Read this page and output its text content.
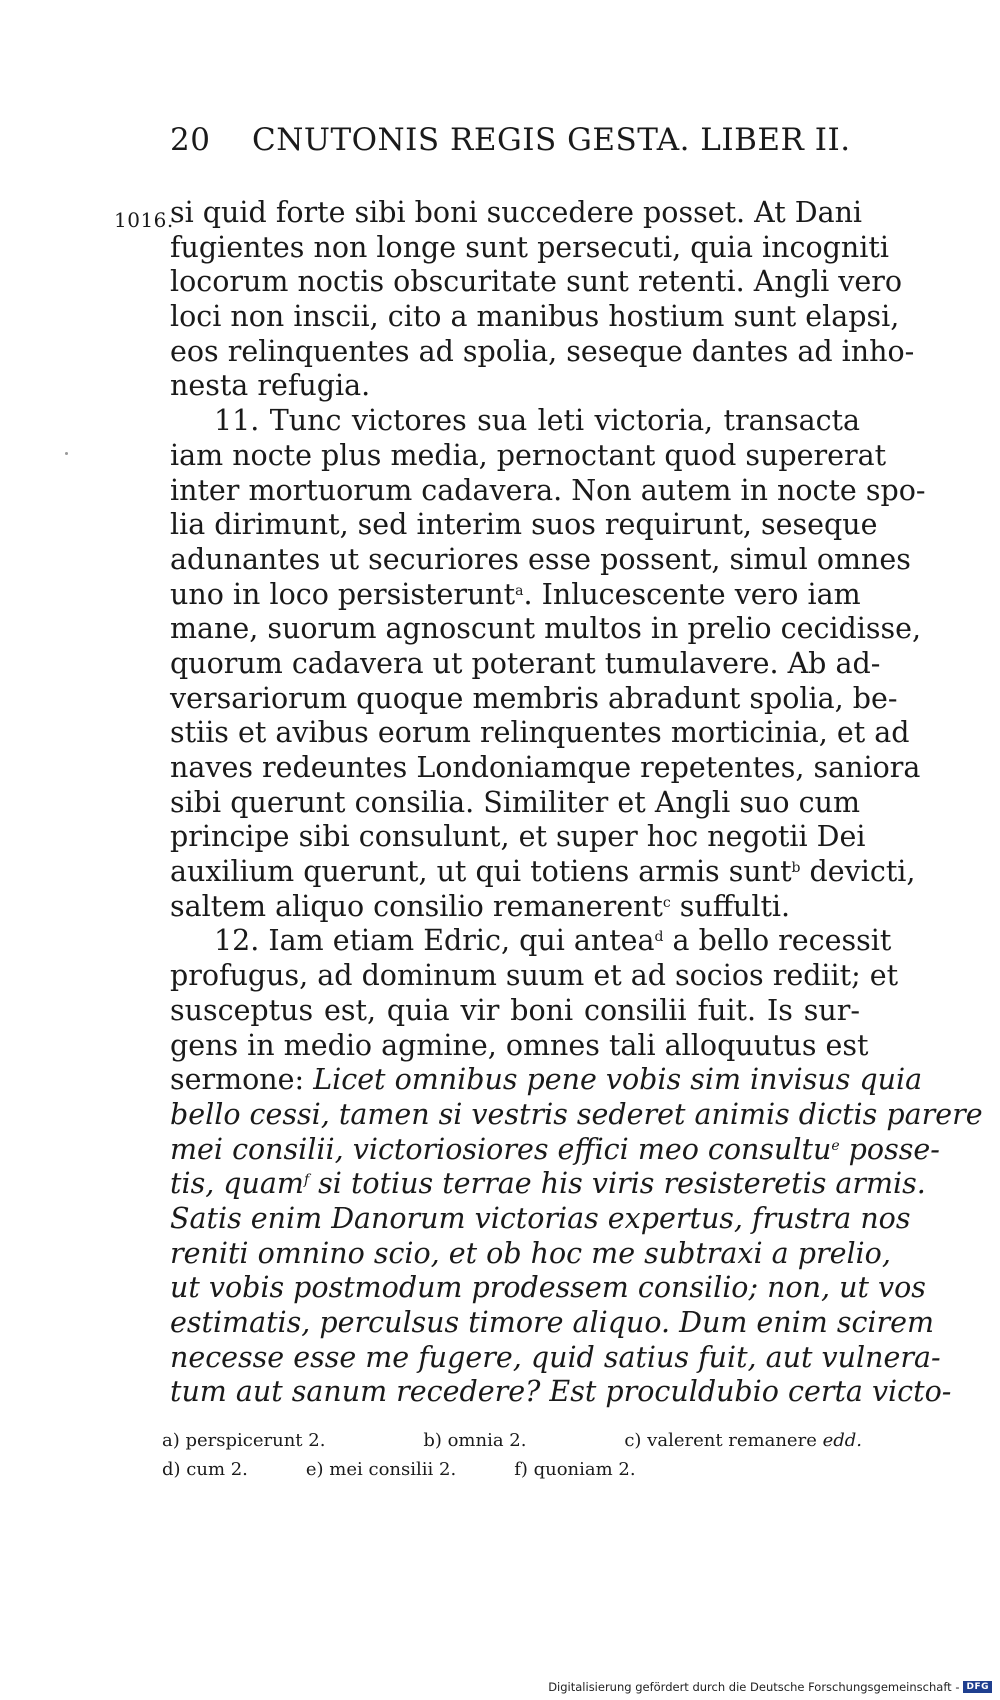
20 CNUTONIS REGIS GESTA. LIBER II.
1016.
si quid forte sibi boni succedere posset. At Dani
fugientes non longe sunt persecuti, quia incogniti
locorum noctis obscuritate sunt retenti. Angli vero
loci non inscii, cito a manibus hostium sunt elapsi,
eos relinquentes ad spolia, seseque dantes ad inho-
nesta refugia.
11. Tunc victores sua leti victoria, transacta
iam nocte plus media, pernoctant quod supererat
inter mortuorum cadavera. Non autem in nocte spo-
lia dirimunt, sed interim suos requirunt, seseque
adunantes ut securiores esse possent, simul omnes
uno in loco persisterunt$^a$. Inlucescente vero iam
mane, suorum agnoscunt multos in prelio cecidisse,
quorum cadavera ut poterant tumulavere. Ab ad-
versariorum quoque membris abradunt spolia, be-
stiis et avibus eorum relinquentes morticinia, et ad
naves redeuntes Londoniamque repetentes, saniora
sibi querunt consilia. Similiter et Angli suo cum
principe sibi consulunt, et super hoc negotii Dei
auxilium querunt, ut qui totiens armis sunt$^b$ devicti,
saltem aliquo consilio remanerent$^c$ suffulti.
12. Iam etiam Edric, qui antea$^d$ a bello recessit
profugus, ad dominum suum et ad socios rediit; et
susceptus est, quia vir boni consilii fuit. Is sur-
gens in medio agmine, omnes tali alloquutus est
sermone: Licet omnibus pene vobis sim invisus quia
bello cessi, tamen si vestris sederet animis dictis parere
mei consilii, victoriosiores effici meo consultu$^e$ posse-
tis, quam$^f$ si totius terrae his viris resisteretis armis.
Satis enim Danorum victorias expertus, frustra nos
reniti omnino scio, et ob hoc me subtraxi a prelio,
ut vobis postmodum prodessem consilio; non, ut vos
estimatis, perculsus timore aliquo. Dum enim scirem
necesse esse me fugere, quid satius fuit, aut vulnera-
tum aut sanum recedere? Est proculdubio certa victo-
a) perspicerunt 2.	b) omnia 2.	c) valerent remanere edd.
d) cum 2.	e) mei consilii 2.	f) quoniam 2.
Digitalisierung gefördert durch die Deutsche Forschungsgemeinschaft - DFG
